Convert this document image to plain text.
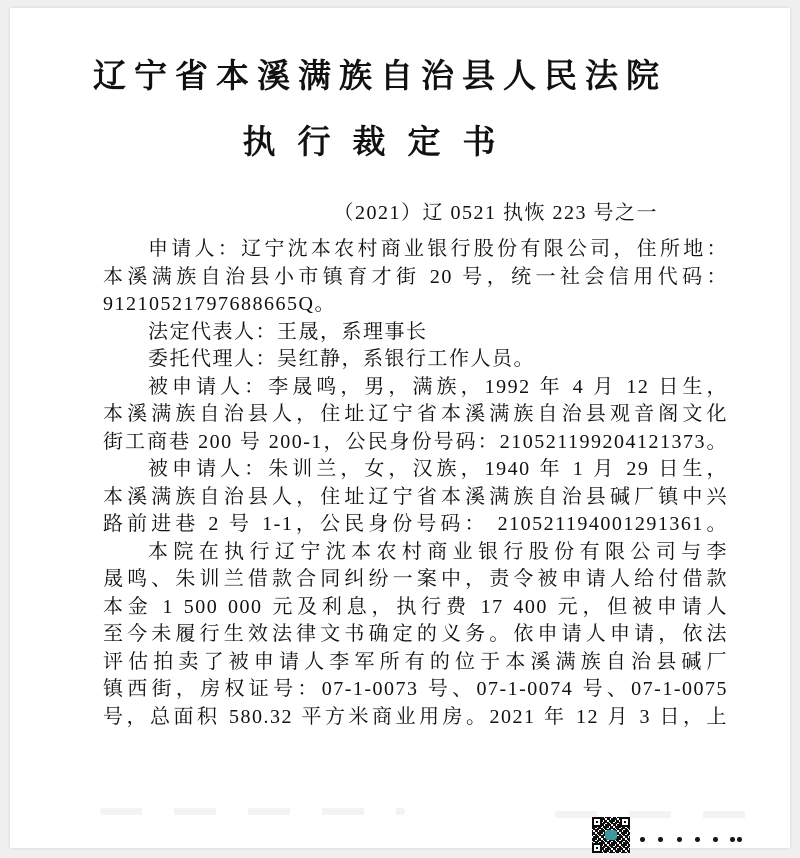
辽宁省本溪满族自治县人民法院
执行裁定书
（2021）辽 0521 执恢 223 号之一
申请人：辽宁沈本农村商业银行股份有限公司，住所地：
本溪满族自治县小市镇育才街 20 号，统一社会信用代码：
91210521797688665Q。
法定代表人：王晟，系理事长
委托代理人：吴红静，系银行工作人员。
被申请人：李晟鸣，男，满族，1992 年 4 月 12 日生，
本溪满族自治县人，住址辽宁省本溪满族自治县观音阁文化
街工商巷 200 号 200-1，公民身份号码：210521199204121373。
被申请人：朱训兰，女，汉族，1940 年 1 月 29 日生，
本溪满族自治县人，住址辽宁省本溪满族自治县碱厂镇中兴
路前进巷 2 号 1-1，公民身份号码： 210521194001291361。
本院在执行辽宁沈本农村商业银行股份有限公司与李
晟鸣、朱训兰借款合同纠纷一案中，责令被申请人给付借款
本金 1 500 000 元及利息，执行费 17 400 元，但被申请人
至今未履行生效法律文书确定的义务。依申请人申请，依法
评估拍卖了被申请人李军所有的位于本溪满族自治县碱厂
镇西街，房权证号：07-1-0073 号、07-1-0074 号、07-1-0075
号，总面积 580.32 平方米商业用房。2021 年 12 月 3 日，上
